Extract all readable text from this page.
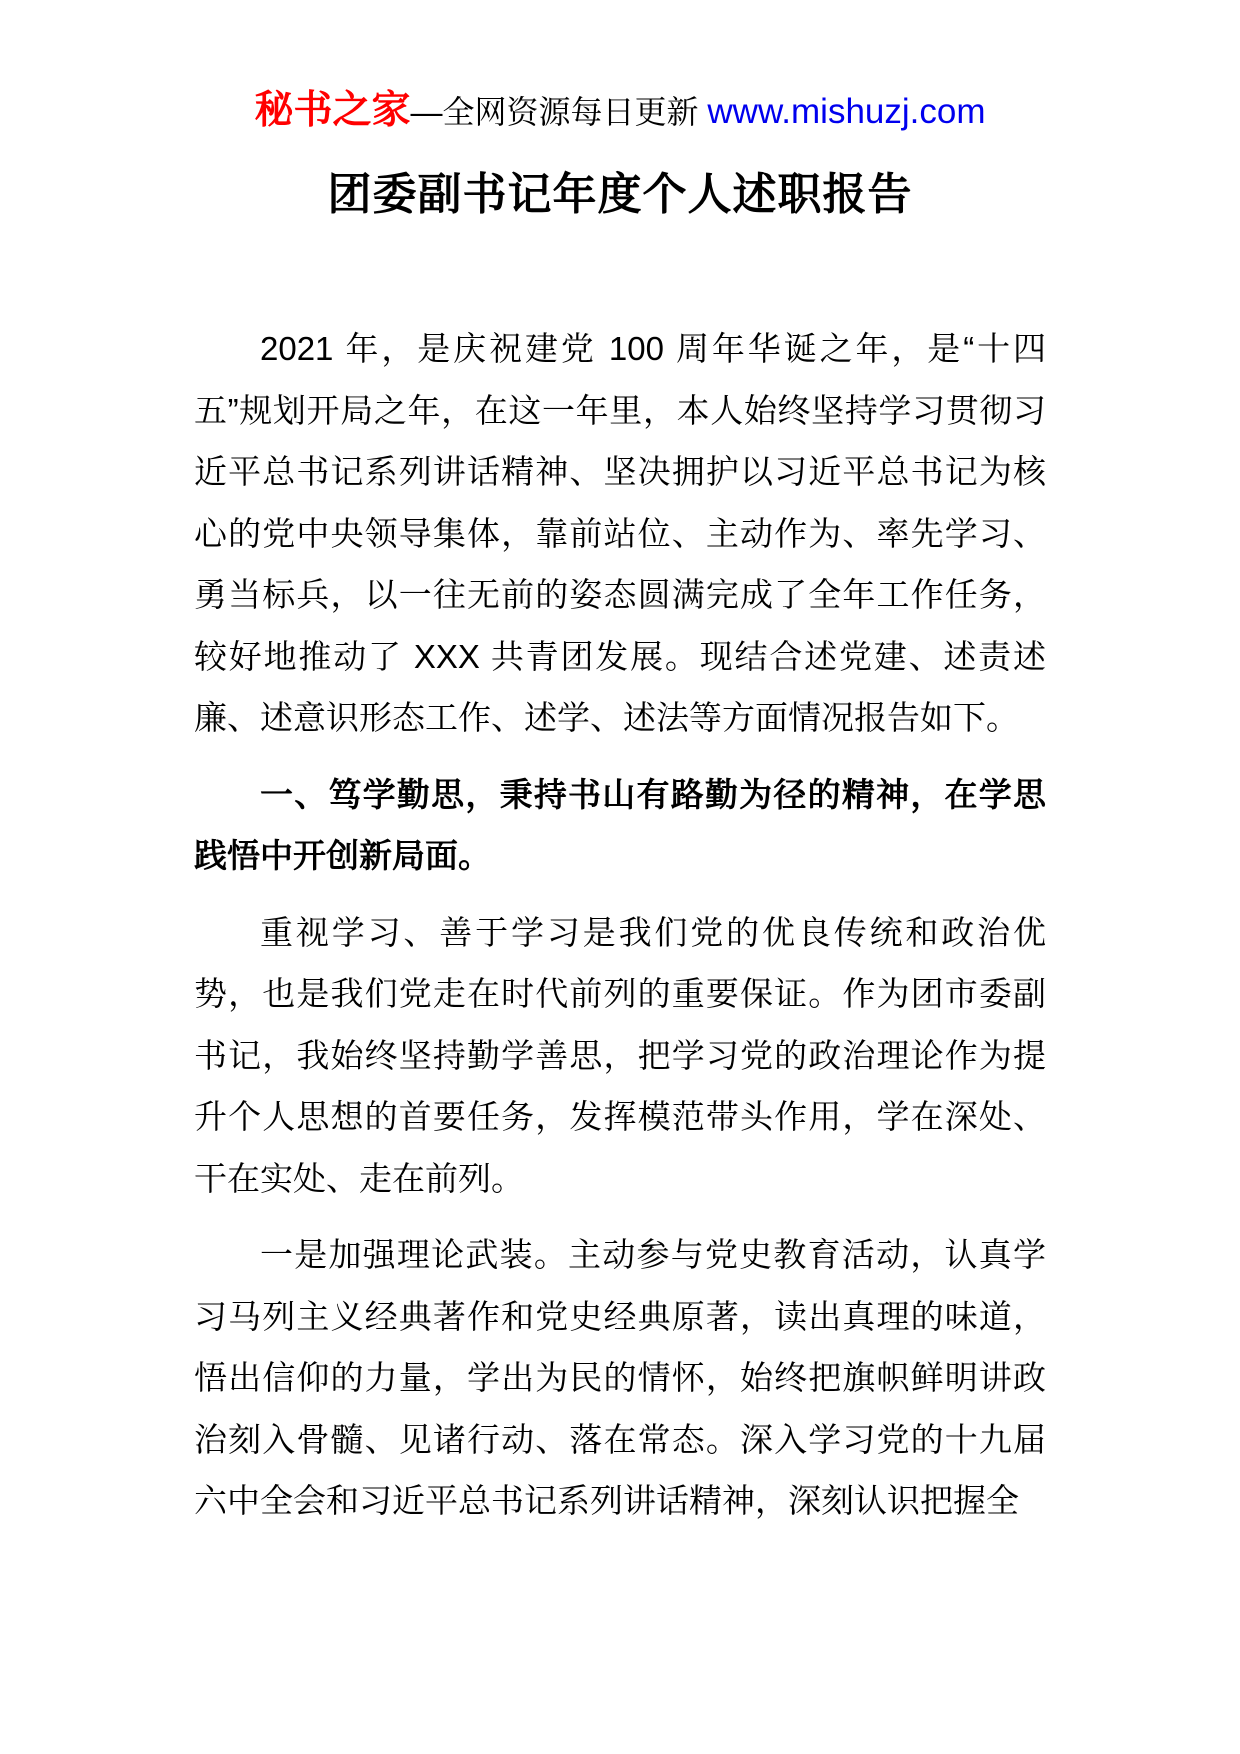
秘书之家—全网资源每日更新 www.mishuzj.com
团委副书记年度个人述职报告

2021 年，是庆祝建党 100 周年华诞之年，是“十四五”规划开局之年，在这一年里，本人始终坚持学习贯彻习近平总书记系列讲话精神、坚决拥护以习近平总书记为核心的党中央领导集体，靠前站位、主动作为、率先学习、勇当标兵，以一往无前的姿态圆满完成了全年工作任务，较好地推动了 XXX 共青团发展。现结合述党建、述责述廉、述意识形态工作、述学、述法等方面情况报告如下。

一、笃学勤思，秉持书山有路勤为径的精神，在学思践悟中开创新局面。

重视学习、善于学习是我们党的优良传统和政治优势，也是我们党走在时代前列的重要保证。作为团市委副书记，我始终坚持勤学善思，把学习党的政治理论作为提升个人思想的首要任务，发挥模范带头作用，学在深处、干在实处、走在前列。

一是加强理论武装。主动参与党史教育活动，认真学习马列主义经典著作和党史经典原著，读出真理的味道，悟出信仰的力量，学出为民的情怀，始终把旗帜鲜明讲政治刻入骨髓、见诸行动、落在常态。深入学习党的十九届六中全会和习近平总书记系列讲话精神，深刻认识把握全
